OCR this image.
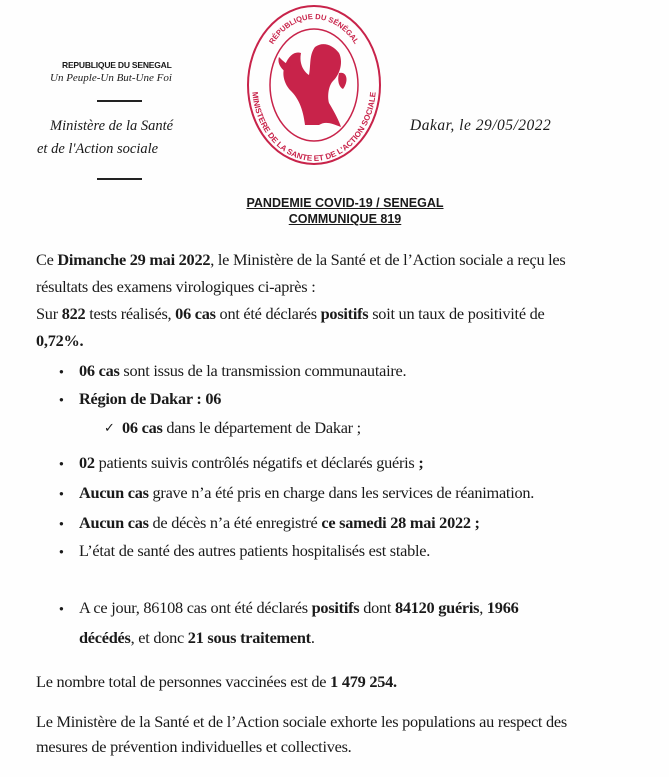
REPUBLIQUE DU SENEGAL
Un Peuple-Un But-Une Foi
Ministère de la Santé
et de l'Action sociale
RÉPUBLIQUE DU SÉNÉGAL
MINISTERE DE LA SANTE ET DE L'ACTION SOCIALE
Dakar, le 29/05/2022
PANDEMIE COVID-19 / SENEGAL
COMMUNIQUE 819
Ce Dimanche 29 mai 2022, le Ministère de la Santé et de l’Action sociale a reçu les
résultats des examens virologiques ci-après :
Sur 822 tests réalisés, 06 cas ont été déclarés positifs soit un taux de positivité de
0,72%.
● 06 cas sont issus de la transmission communautaire.
● Région de Dakar : 06
✓ 06 cas dans le département de Dakar ;
● 02 patients suivis contrôlés négatifs et déclarés guéris ;
● Aucun cas grave n’a été pris en charge dans les services de réanimation.
● Aucun cas de décès n’a été enregistré ce samedi 28 mai 2022 ;
● L’état de santé des autres patients hospitalisés est stable.
● A ce jour, 86108 cas ont été déclarés positifs dont 84120 guéris, 1966
décédés, et donc 21 sous traitement.
Le nombre total de personnes vaccinées est de 1 479 254.
Le Ministère de la Santé et de l’Action sociale exhorte les populations au respect des
mesures de prévention individuelles et collectives.
